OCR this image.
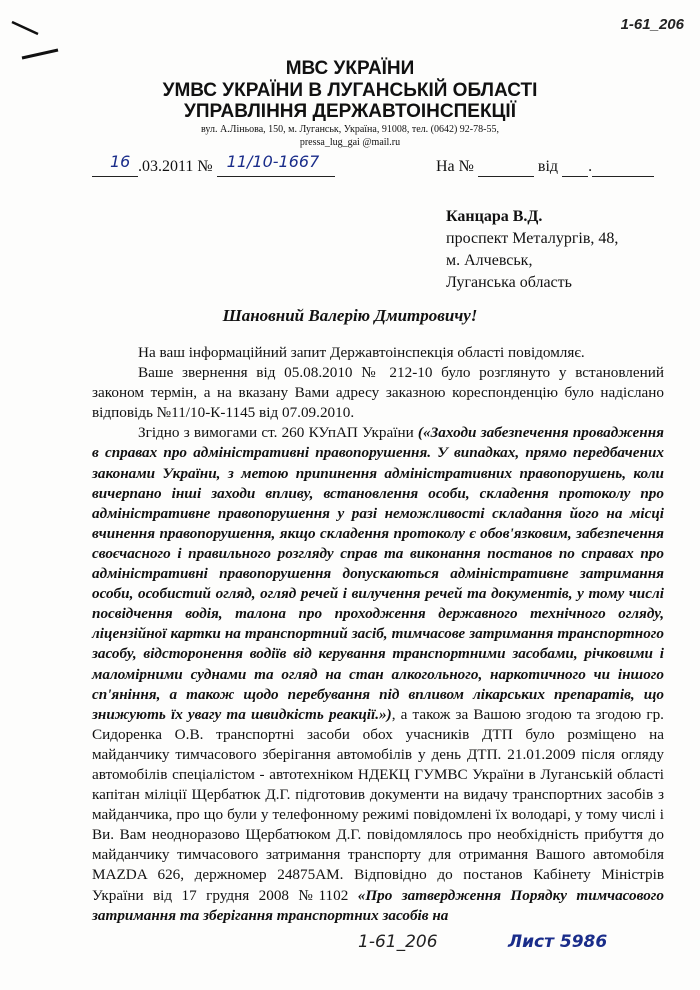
1-61_206
МВС УКРАЇНИ
УМВС УКРАЇНИ В ЛУГАНСЬКІЙ ОБЛАСТІ
УПРАВЛІННЯ ДЕРЖАВТОІНСПЕКЦІЇ
вул. А.Ліньова, 150, м. Луганськ, Україна, 91008, тел. (0642) 92-78-55,
pressa_lug_gai @mail.ru
16 .03.2011 № 11/10-1667
	На №	від .
Канцара В.Д.
проспект Металургів, 48,
м. Алчевськ,
Луганська область
Шановний Валерію Дмитровичу!

На ваш інформаційний запит Державтоінспекція області повідомляє.

Ваше звернення від 05.08.2010 № 212-10 було розглянуто у встановлений законом термін, а на вказану Вами адресу заказною кореспонденцію було надіслано відповідь №11/10-К-1145 від 07.09.2010.

Згідно з вимогами ст. 260 КУпАП України («Заходи забезпечення провадження в справах про адміністративні правопорушення. У випадках, прямо передбачених законами України, з метою припинення адміністративних правопорушень, коли вичерпано інші заходи впливу, встановлення особи, складення протоколу про адміністративне правопорушення у разі неможливості складання його на місці вчинення правопорушення, якщо складення протоколу є обов'язковим, забезпечення своєчасного і правильного розгляду справ та виконання постанов по справах про адміністративні правопорушення допускаються адміністративне затримання особи, особистий огляд, огляд речей і вилучення речей та документів, у тому числі посвідчення водія, талона про проходження державного технічного огляду, ліцензійної картки на транспортний засіб, тимчасове затримання транспортного засобу, відсторонення водіїв від керування транспортними засобами, річковими і маломірними суднами та огляд на стан алкогольного, наркотичного чи іншого сп'яніння, а також щодо перебування під впливом лікарських препаратів, що знижують їх увагу та швидкість реакції.»), а також за Вашою згодою та згодою гр. Сидоренка О.В. транспортні засоби обох учасників ДТП було розміщено на майданчику тимчасового зберігання автомобілів у день ДТП. 21.01.2009 після огляду автомобілів спеціалістом - автотехніком НДЕКЦ ГУМВС України в Луганській області капітан міліції Щербатюк Д.Г. підготовив документи на видачу транспортних засобів з майданчика, про що були у телефонному режимі повідомлені їх володарі, у тому числі і Ви. Вам неодноразово Щербатюком Д.Г. повідомлялось про необхідність прибуття до майданчику тимчасового затримання транспорту для отримання Вашого автомобіля MAZDA 626, держномер 24875АМ. Відповідно до постанов Кабінету Міністрів України від 17 грудня 2008 №1102 «Про затвердження Порядку тимчасового затримання та зберігання транспортних засобів на

1-61_206	Лист 5986
